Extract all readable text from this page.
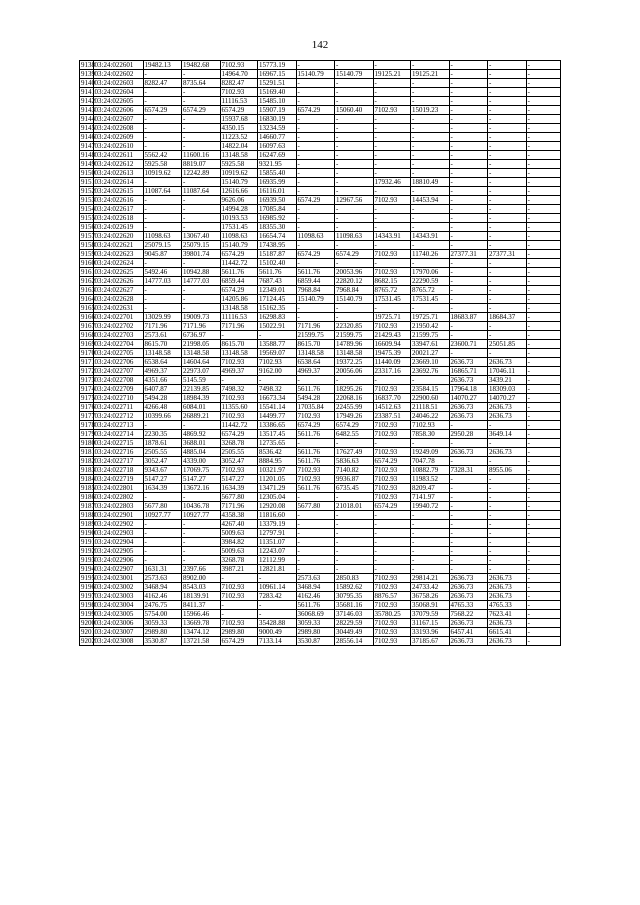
142
9138	03:24:022601	19482.13	19482.68	7102.93	15773.19	-	-	-	-	-	-	-
9139	03:24:022602	-	-	14964.70	16967.15	15140.79	15140.79	19125.21	19125.21	-	-	-
9140	03:24:022603	8282.47	8735.64	8282.47	15291.51	-	-	-	-	-	-	-
9141	03:24:022604	-	-	7102.93	15169.40	-	-	-	-	-	-	-
9142	03:24:022605	-	-	11116.53	15485.10	-	-	-	-	-	-	-
9143	03:24:022606	6574.29	6574.29	6574.29	15907.19	6574.29	15060.40	7102.93	15019.23	-	-	-
9144	03:24:022607	-	-	15937.68	16830.19	-	-	-	-	-	-	-
9145	03:24:022608	-	-	4350.15	13234.59	-	-	-	-	-	-	-
9146	03:24:022609	-	-	11223.52	14660.77	-	-	-	-	-	-	-
9147	03:24:022610	-	-	14822.04	16097.63	-	-	-	-	-	-	-
9148	03:24:022611	5562.42	11600.16	13148.58	16247.69	-	-	-	-	-	-	-
9149	03:24:022612	5925.58	8819.07	5925.58	9321.95	-	-	-	-	-	-	-
9150	03:24:022613	10919.62	12242.89	10919.62	15855.40	-	-	-	-	-	-	-
9151	03:24:022614	-	-	15140.79	16935.99	-	-	17932.46	18810.49	-	-	-
9152	03:24:022615	11087.64	11087.64	12616.66	16116.01	-	-	-	-	-	-	-
9153	03:24:022616	-	-	9626.06	16939.50	6574.29	12967.56	7102.93	14453.94	-	-	-
9154	03:24:022617	-	-	14994.28	17085.84	-	-	-	-	-	-	-
9155	03:24:022618	-	-	10193.53	16985.92	-	-	-	-	-	-	-
9156	03:24:022619	-	-	17531.45	18355.30	-	-	-	-	-	-	-
9157	03:24:022620	11098.63	13067.40	11098.63	16654.74	11098.63	11098.63	14343.91	14343.91	-	-	-
9158	03:24:022621	25079.15	25079.15	15140.79	17438.95	-	-	-	-	-	-	-
9159	03:24:022623	9045.87	39801.74	6574.29	15187.87	6574.29	6574.29	7102.93	11740.26	27377.31	27377.31	-
9160	03:24:022624	-	-	11442.72	15102.40	-	-	-	-	-	-	-
9161	03:24:022625	5492.46	10942.88	5611.76	5611.76	5611.76	20053.96	7102.93	17970.06	-	-	-
9162	03:24:022626	14777.03	14777.03	6859.44	7687.43	6859.44	22820.12	8682.15	22290.59	-	-	-
9163	03:24:022627	-	-	6574.29	12349.01	7968.84	7968.84	8765.72	8765.72	-	-	-
9164	03:24:022628	-	-	14205.86	17124.45	15140.79	15140.79	17531.45	17531.45	-	-	-
9165	03:24:022631	-	-	13148.58	15162.35	-	-	-	-	-	-	-
9166	03:24:022701	13029.99	19009.73	11116.53	16298.83	-	-	19725.71	19725.71	18683.87	18684.37	-
9167	03:24:022702	7171.96	7171.96	7171.96	15022.91	7171.96	22320.85	7102.93	21950.42	-	-	-
9168	03:24:022703	2573.61	6736.97	-	-	21599.75	21599.75	21429.43	21599.75	-	-	-
9169	03:24:022704	8615.70	21998.05	8615.70	13588.77	8615.70	14789.96	16609.94	33947.61	23600.71	25051.85	-
9170	03:24:022705	13148.58	13148.58	13148.58	19569.07	13148.58	13148.58	19475.39	20021.27	-	-	-
9171	03:24:022706	6538.64	14604.64	7102.93	7102.93	6538.64	19372.25	11440.09	23669.10	2636.73	2636.73	-
9172	03:24:022707	4969.37	22973.07	4969.37	9162.00	4969.37	20056.06	23317.16	23692.76	16865.71	17046.11	-
9173	03:24:022708	4351.66	5145.59	-	-	-	-	-	-	2636.73	3439.21	-
9174	03:24:022709	6407.87	22139.85	7498.32	7498.32	5611.76	18295.26	7102.93	23584.15	17964.18	18309.03	-
9175	03:24:022710	5494.28	18984.39	7102.93	16673.34	5494.28	22068.16	16837.70	22900.60	14070.27	14070.27	-
9176	03:24:022711	4266.48	6084.01	11355.60	15541.14	17035.84	22455.99	14512.63	21118.51	2636.73	2636.73	-
9177	03:24:022712	10399.66	26889.21	7102.93	14499.77	7102.93	17949.26	23387.51	24046.22	2636.73	2636.73	-
9178	03:24:022713	-	-	11442.72	13386.65	6574.29	6574.29	7102.93	7102.93	-	-	-
9179	03:24:022714	2230.35	4869.92	6574.29	13517.45	5611.76	6482.55	7102.93	7858.30	2950.28	3649.14	-
9180	03:24:022715	1878.61	3688.01	3268.78	12735.65	-	-	-	-	-	-	-
9181	03:24:022716	2505.55	4885.04	2505.55	8536.42	5611.76	17627.49	7102.93	19249.09	2636.73	2636.73	-
9182	03:24:022717	3052.47	4339.00	3052.47	8884.95	5611.76	5836.63	6574.29	7047.78	-	-	-
9183	03:24:022718	9343.67	17069.75	7102.93	10321.97	7102.93	7140.82	7102.93	10882.79	7328.31	8955.06	-
9184	03:24:022719	5147.27	5147.27	5147.27	11201.05	7102.93	9936.87	7102.93	11983.52	-	-	-
9185	03:24:022801	1634.39	13672.16	1634.39	13471.29	5611.76	6735.45	7102.93	8209.47	-	-	-
9186	03:24:022802	-	-	5677.80	12305.04	-	-	7102.93	7141.97	-	-	-
9187	03:24:022803	5677.80	10436.78	7171.96	12920.08	5677.80	21018.01	6574.29	19940.72	-	-	-
9188	03:24:022901	10927.77	10927.77	4358.38	11816.60	-	-	-	-	-	-	-
9189	03:24:022902	-	-	4267.40	13379.19	-	-	-	-	-	-	-
9190	03:24:022903	-	-	5009.63	12797.91	-	-	-	-	-	-	-
9191	03:24:022904	-	-	3984.82	11351.07	-	-	-	-	-	-	-
9192	03:24:022905	-	-	5009.63	12243.07	-	-	-	-	-	-	-
9193	03:24:022906	-	-	3268.78	12112.99	-	-	-	-	-	-	-
9194	03:24:022907	1631.31	2397.66	3987.21	12821.81	-	-	-	-	-	-	-
9195	03:24:023001	2573.63	8902.00	-	-	2573.63	2850.83	7102.93	29814.21	2636.73	2636.73	-
9196	03:24:023002	3468.94	8543.03	7102.93	10961.14	3468.94	15892.62	7102.93	24733.42	2636.73	2636.73	-
9197	03:24:023003	4162.46	18139.91	7102.93	7283.42	4162.46	30795.35	8876.57	36758.26	2636.73	2636.73	-
9198	03:24:023004	2476.75	8411.37	-	-	5611.76	35681.16	7102.93	35068.91	4765.33	4765.33	-
9199	03:24:023005	5754.00	15966.46	-	-	36068.69	37146.03	35780.25	37079.59	7568.22	7623.41	-
9200	03:24:023006	3059.33	13669.78	7102.93	35428.88	3059.33	28229.59	7102.93	31167.15	2636.73	2636.73	-
9201	03:24:023007	2989.80	13474.12	2989.80	9000.49	2989.80	30449.49	7102.93	33193.96	6457.41	6615.41	-
9202	03:24:023008	3530.87	13721.58	6574.29	7133.14	3530.87	28556.14	7102.93	37185.67	2636.73	2636.73	-
